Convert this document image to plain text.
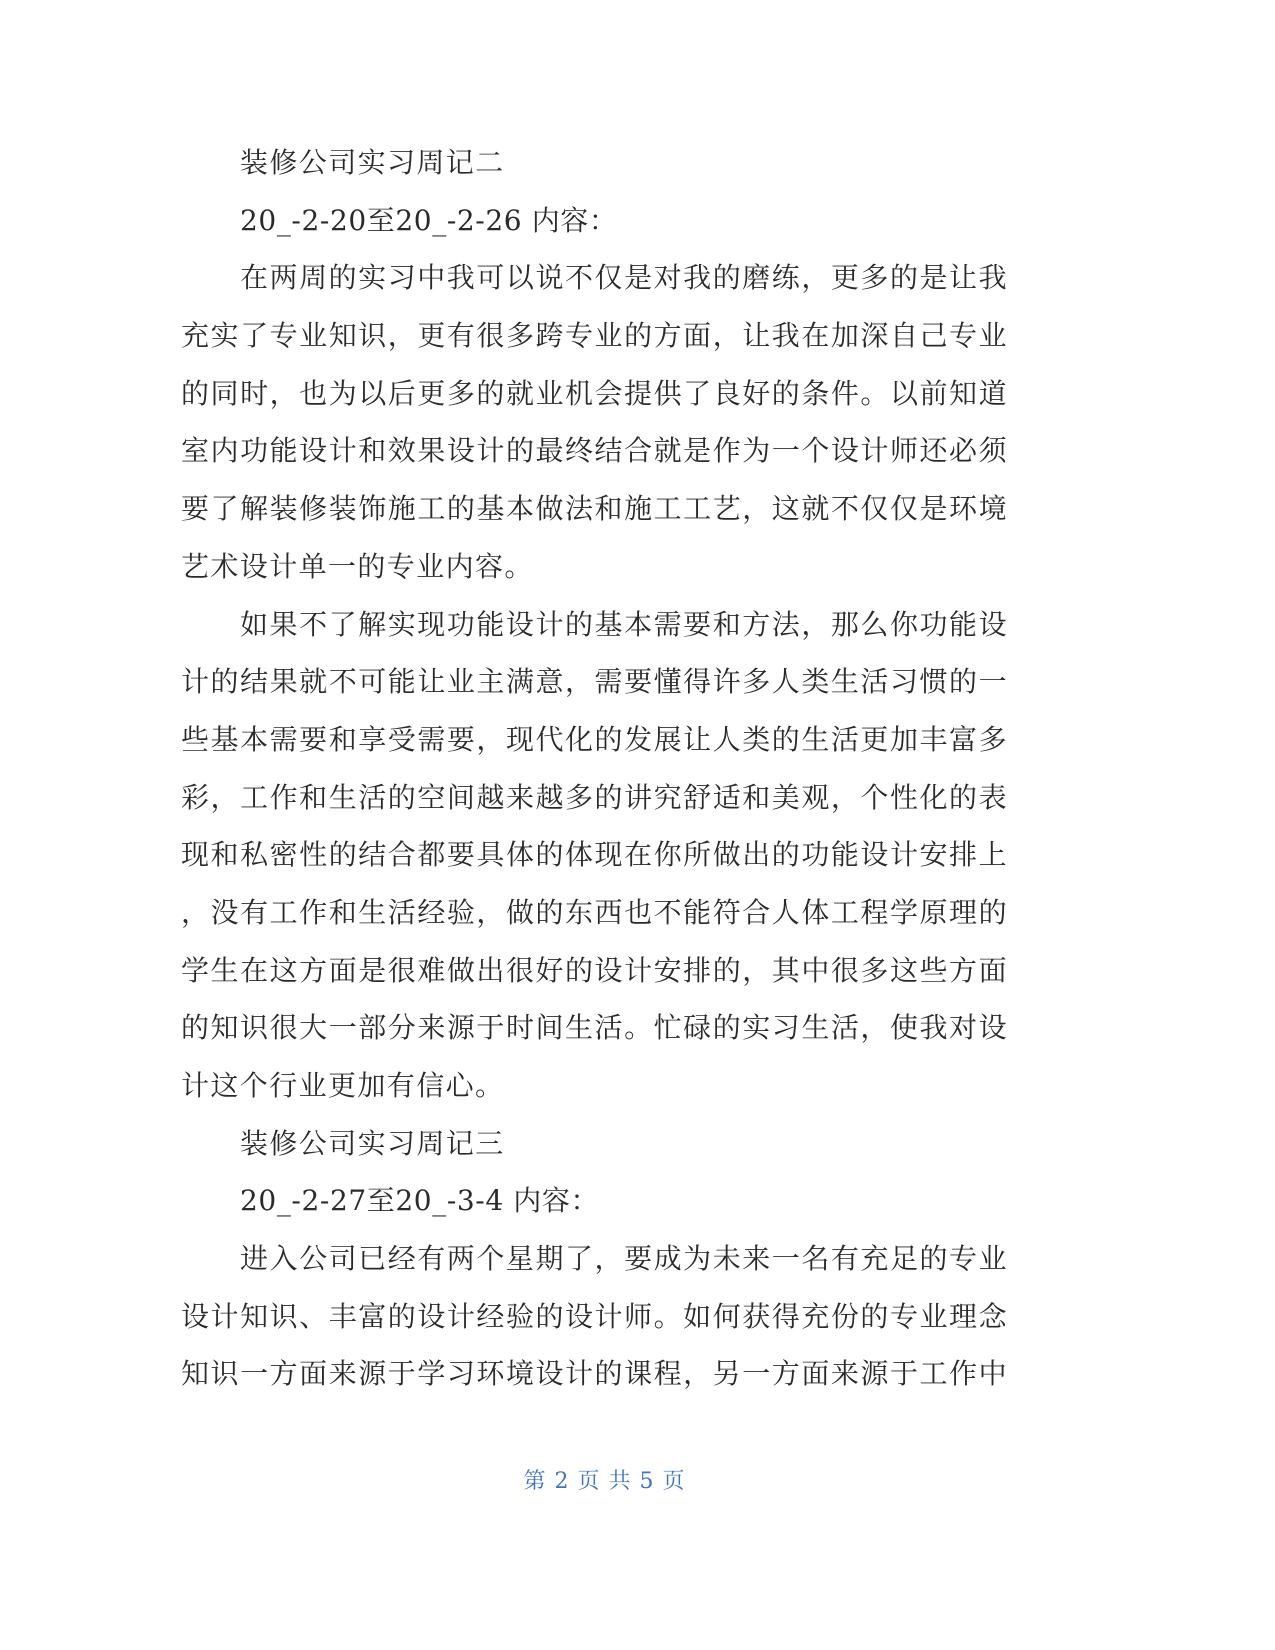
装修公司实习周记二
20_-2-20至20_-2-26 内容：
在两周的实习中我可以说不仅是对我的磨练，更多的是让我
充实了专业知识，更有很多跨专业的方面，让我在加深自己专业
的同时，也为以后更多的就业机会提供了良好的条件。以前知道
室内功能设计和效果设计的最终结合就是作为一个设计师还必须
要了解装修装饰施工的基本做法和施工工艺，这就不仅仅是环境
艺术设计单一的专业内容。
如果不了解实现功能设计的基本需要和方法，那么你功能设
计的结果就不可能让业主满意，需要懂得许多人类生活习惯的一
些基本需要和享受需要，现代化的发展让人类的生活更加丰富多
彩，工作和生活的空间越来越多的讲究舒适和美观，个性化的表
现和私密性的结合都要具体的体现在你所做出的功能设计安排上
，没有工作和生活经验，做的东西也不能符合人体工程学原理的
学生在这方面是很难做出很好的设计安排的，其中很多这些方面
的知识很大一部分来源于时间生活。忙碌的实习生活，使我对设
计这个行业更加有信心。
装修公司实习周记三
20_-2-27至20_-3-4 内容：
进入公司已经有两个星期了，要成为未来一名有充足的专业
设计知识、丰富的设计经验的设计师。如何获得充份的专业理念
知识一方面来源于学习环境设计的课程，另一方面来源于工作中
第 2 页 共 5 页
